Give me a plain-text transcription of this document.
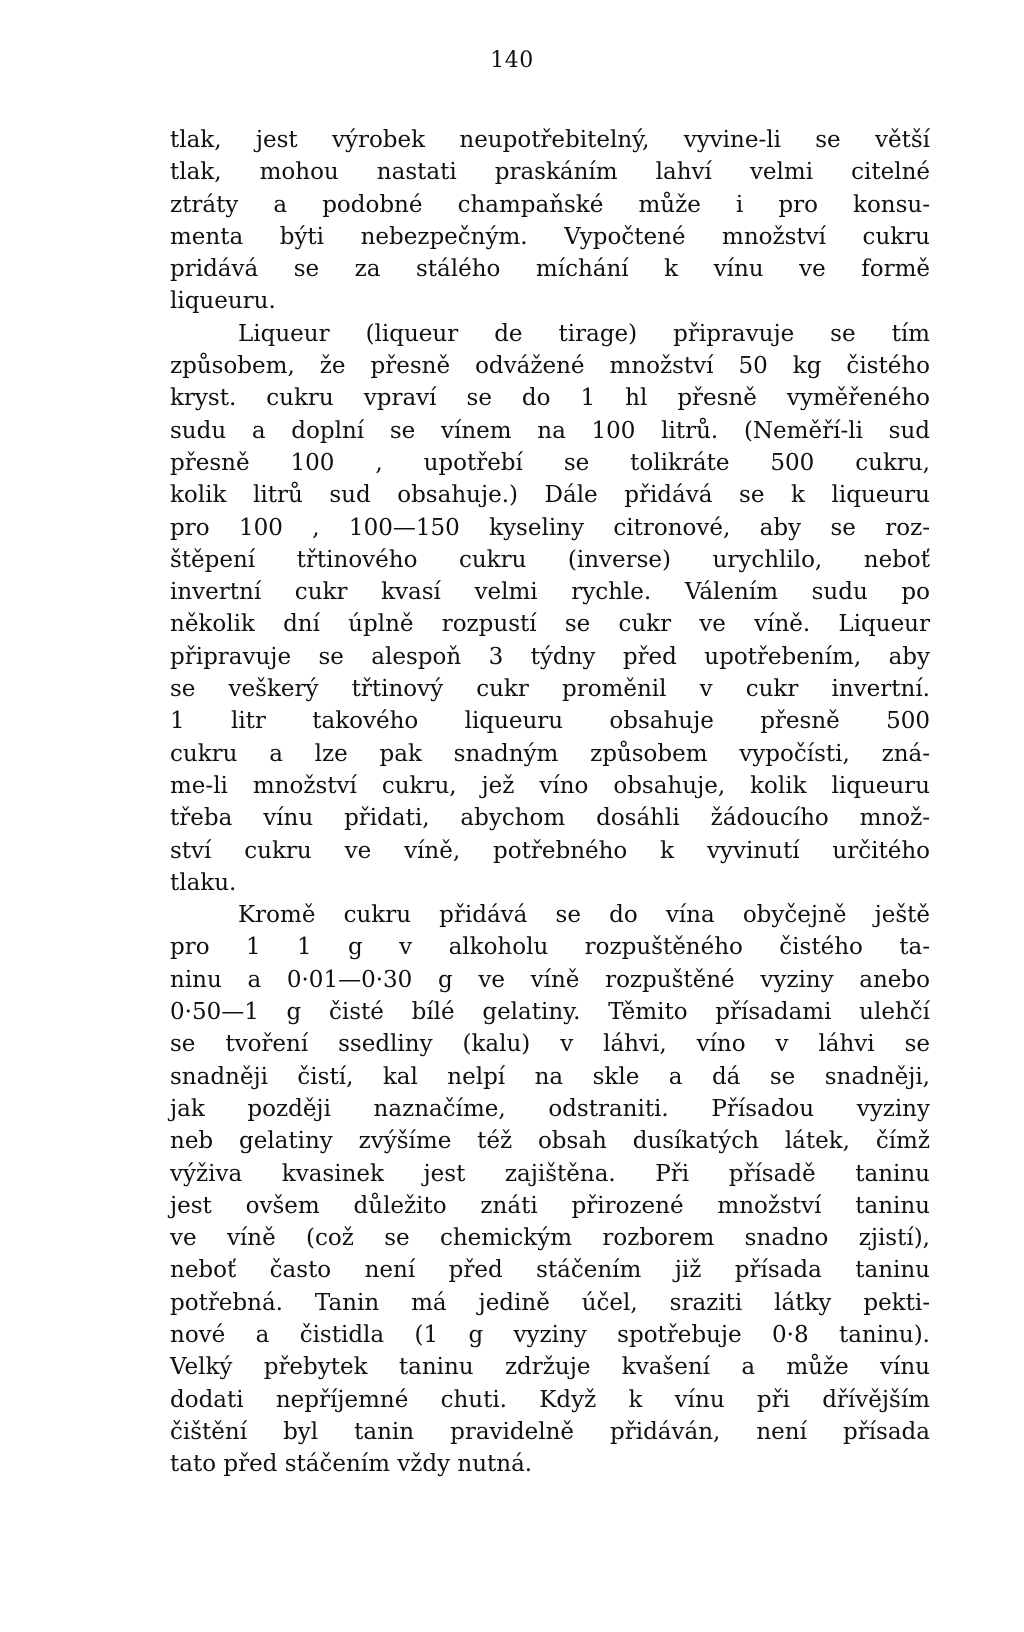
140
tlak, jest výrobek neupotřebitelný, vyvine-li se větší
tlak, mohou nastati praskáním lahví velmi citelné
ztráty a podobné champaňské může i pro konsu-
menta býti nebezpečným. Vypočtené množství cukru
pridává se za stálého míchání k vínu ve formě
liqueuru.
Liqueur (liqueur de tirage) připravuje se tím
způsobem, že přesně odvážené množství 50 kg čistého
kryst. cukru vpraví se do 1 hl přesně vyměřeného
sudu a doplní se vínem na 100 litrů. (Neměří-li sud
přesně 100 , upotřebí se tolikráte 500 cukru,
kolik litrů sud obsahuje.) Dále přidává se k liqueuru
pro 100 , 100—150 kyseliny citronové, aby se roz-
štěpení třtinového cukru (inverse) urychlilo, neboť
invertní cukr kvasí velmi rychle. Válením sudu po
několik dní úplně rozpustí se cukr ve víně. Liqueur
připravuje se alespoň 3 týdny před upotřebením, aby
se veškerý třtinový cukr proměnil v cukr invertní.
1 litr takového liqueuru obsahuje přesně 500
cukru a lze pak snadným způsobem vypočísti, zná-
me-li množství cukru, jež víno obsahuje, kolik liqueuru
třeba vínu přidati, abychom dosáhli žádoucího množ-
ství cukru ve víně, potřebného k vyvinutí určitého
tlaku.
Kromě cukru přidává se do vína obyčejně ještě
pro 1 1 g v alkoholu rozpuštěného čistého ta-
ninu a 0·01—0·30 g ve víně rozpuštěné vyziny anebo
0·50—1 g čisté bílé gelatiny. Těmito přísadami ulehčí
se tvoření ssedliny (kalu) v láhvi, víno v láhvi se
snadněji čistí, kal nelpí na skle a dá se snadněji,
jak později naznačíme, odstraniti. Přísadou vyziny
neb gelatiny zvýšíme též obsah dusíkatých látek, čímž
výživa kvasinek jest zajištěna. Při přísadě taninu
jest ovšem důležito znáti přirozené množství taninu
ve víně (což se chemickým rozborem snadno zjistí),
neboť často není před stáčením již přísada taninu
potřebná. Tanin má jedině účel, sraziti látky pekti-
nové a čistidla (1 g vyziny spotřebuje 0·8 taninu).
Velký přebytek taninu zdržuje kvašení a může vínu
dodati nepříjemné chuti. Když k vínu při dřívějším
čištění byl tanin pravidelně přidáván, není přísada
tato před stáčením vždy nutná.
